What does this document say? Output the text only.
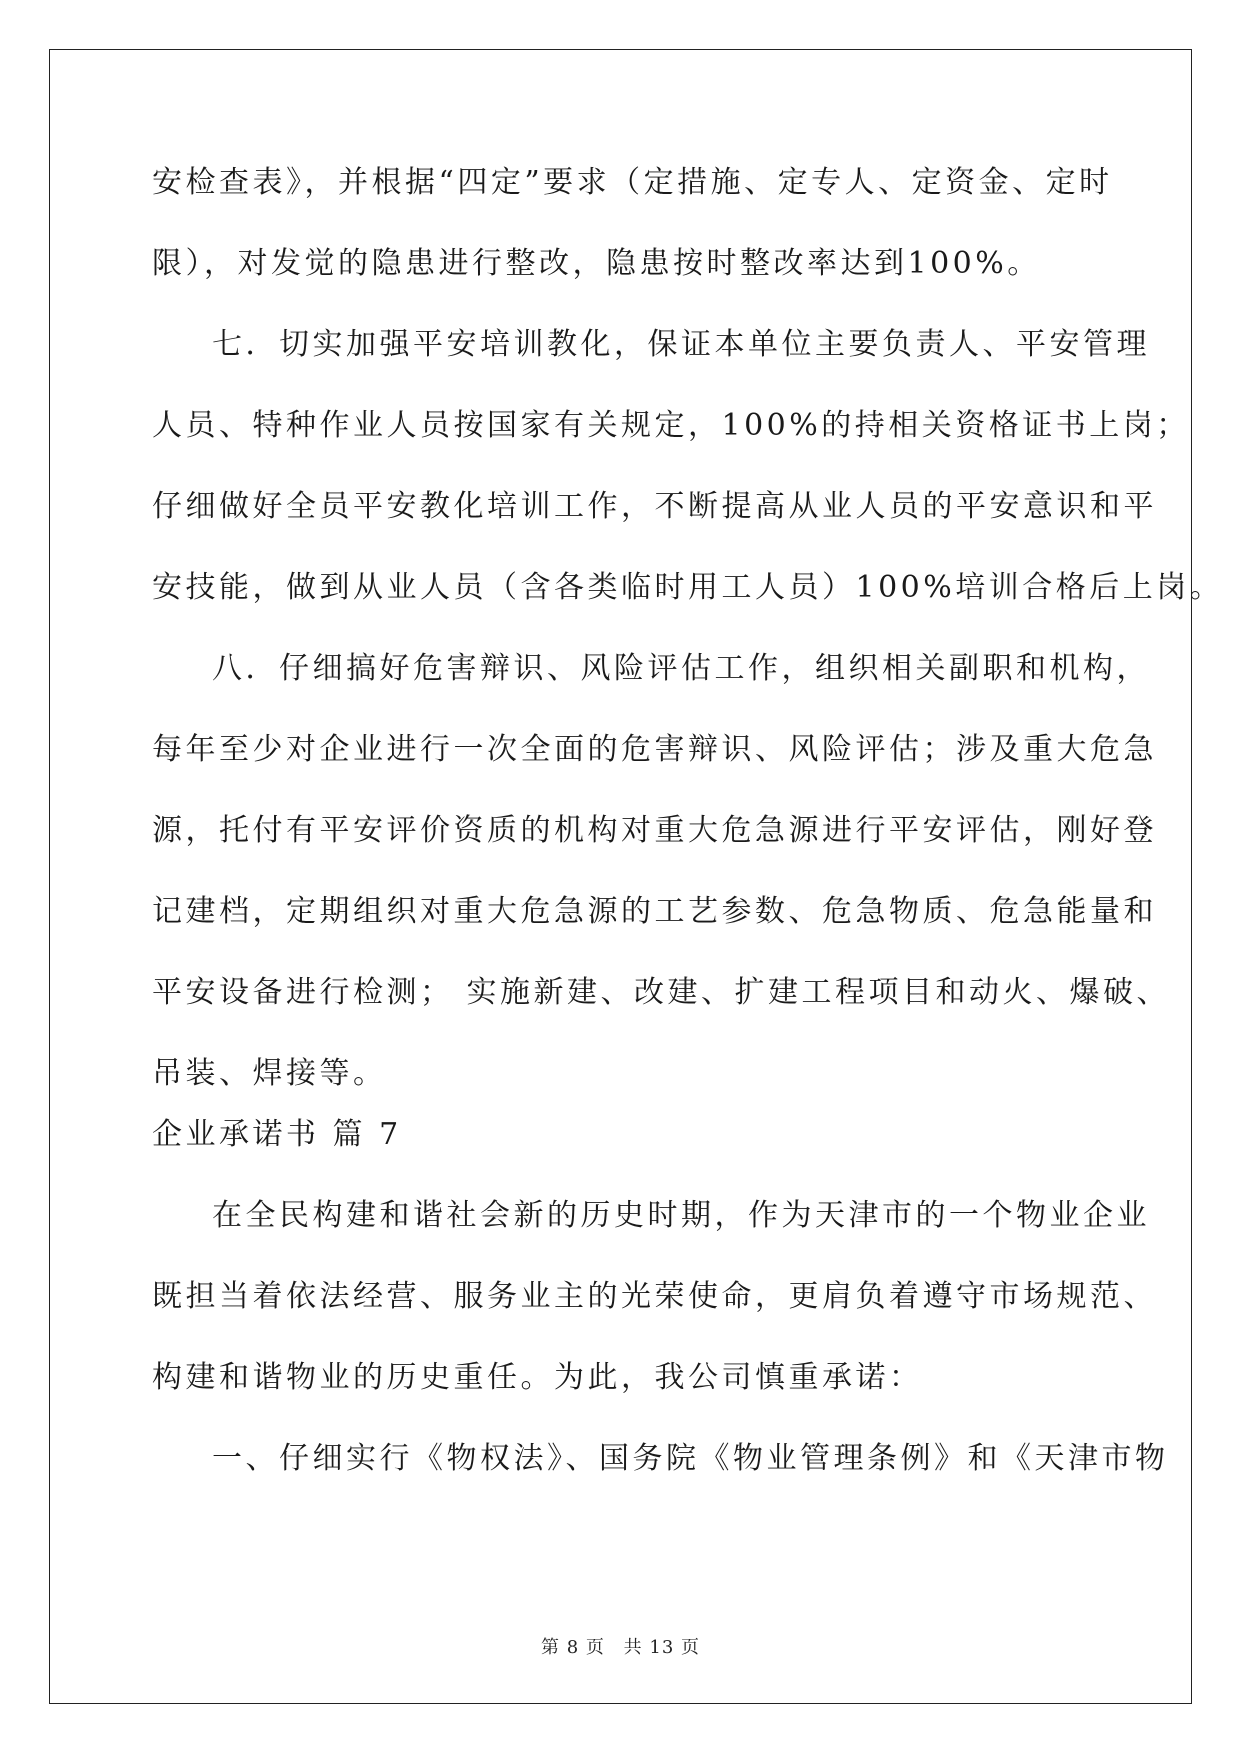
安检查表》，并根据“四定”要求（定措施、定专人、定资金、定时
限），对发觉的隐患进行整改，隐患按时整改率达到100%。
七．切实加强平安培训教化，保证本单位主要负责人、平安管理
人员、特种作业人员按国家有关规定，100%的持相关资格证书上岗；
仔细做好全员平安教化培训工作，不断提高从业人员的平安意识和平
安技能，做到从业人员（含各类临时用工人员）100%培训合格后上岗。
八．仔细搞好危害辩识、风险评估工作，组织相关副职和机构，
每年至少对企业进行一次全面的危害辩识、风险评估；涉及重大危急
源，托付有平安评价资质的机构对重大危急源进行平安评估，刚好登
记建档，定期组织对重大危急源的工艺参数、危急物质、危急能量和
平安设备进行检测； 实施新建、改建、扩建工程项目和动火、爆破、
吊装、焊接等。
企业承诺书 篇 7
在全民构建和谐社会新的历史时期，作为天津市的一个物业企业
既担当着依法经营、服务业主的光荣使命，更肩负着遵守市场规范、
构建和谐物业的历史重任。为此，我公司慎重承诺：
一、仔细实行《物权法》、国务院《物业管理条例》和《天津市物
第 8 页 共 13 页
